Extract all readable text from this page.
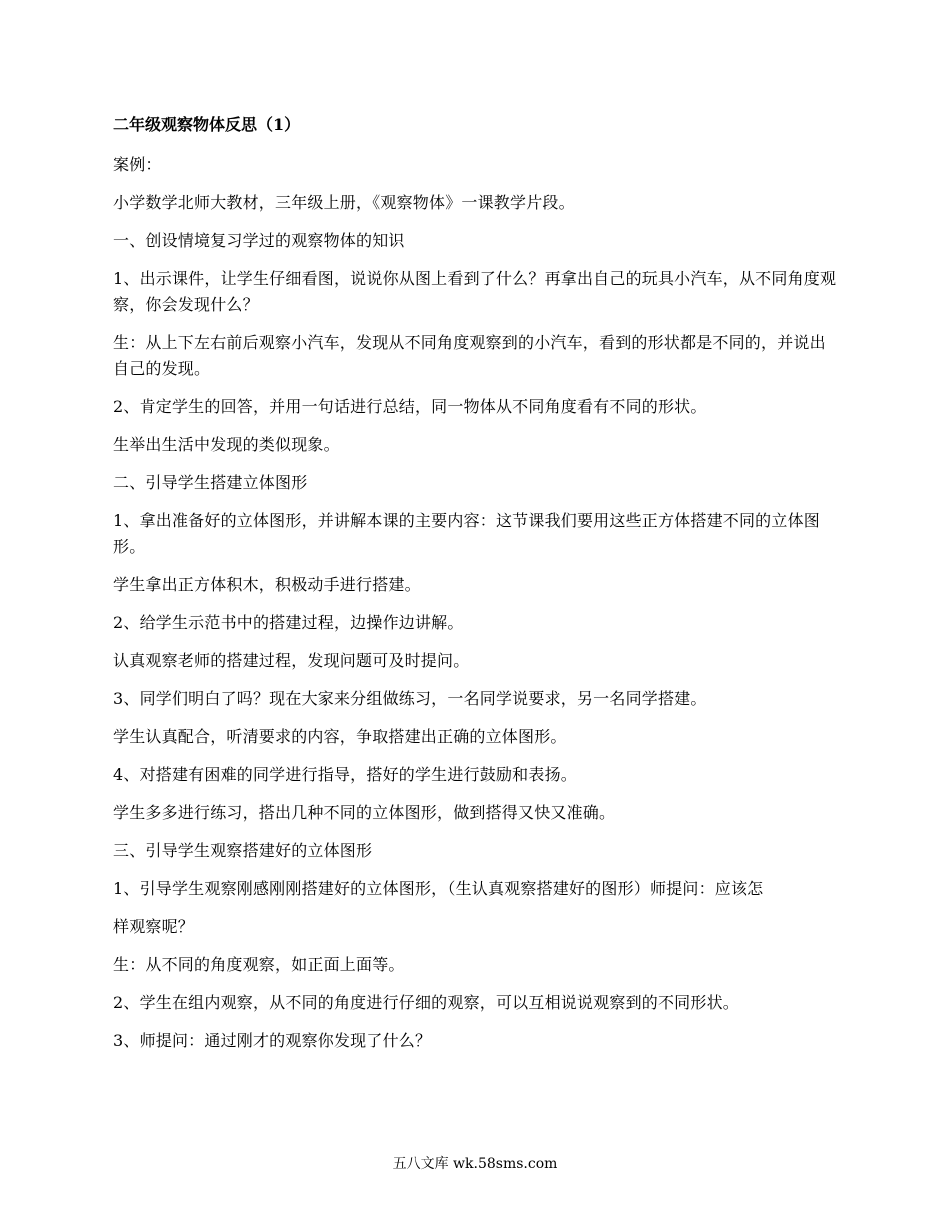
二年级观察物体反思（1）

案例：

小学数学北师大教材，三年级上册，《观察物体》一课教学片段。

一、创设情境复习学过的观察物体的知识

1、出示课件，让学生仔细看图，说说你从图上看到了什么？再拿出自己的玩具小汽车，从不同角度观察，你会发现什么？

生：从上下左右前后观察小汽车，发现从不同角度观察到的小汽车，看到的形状都是不同的，并说出自己的发现。

2、肯定学生的回答，并用一句话进行总结，同一物体从不同角度看有不同的形状。

生举出生活中发现的类似现象。

二、引导学生搭建立体图形

1、拿出准备好的立体图形，并讲解本课的主要内容：这节课我们要用这些正方体搭建不同的立体图形。

学生拿出正方体积木，积极动手进行搭建。

2、给学生示范书中的搭建过程，边操作边讲解。

认真观察老师的搭建过程，发现问题可及时提问。

3、同学们明白了吗？现在大家来分组做练习，一名同学说要求，另一名同学搭建。

学生认真配合，听清要求的内容，争取搭建出正确的立体图形。

4、对搭建有困难的同学进行指导，搭好的学生进行鼓励和表扬。

学生多多进行练习，搭出几种不同的立体图形，做到搭得又快又准确。

三、引导学生观察搭建好的立体图形

1、引导学生观察刚感刚刚搭建好的立体图形，（生认真观察搭建好的图形）师提问：应该怎

样观察呢？

生：从不同的角度观察，如正面上面等。

2、学生在组内观察，从不同的角度进行仔细的观察，可以互相说说观察到的不同形状。

3、师提问：通过刚才的观察你发现了什么？

五八文库 wk.58sms.com
